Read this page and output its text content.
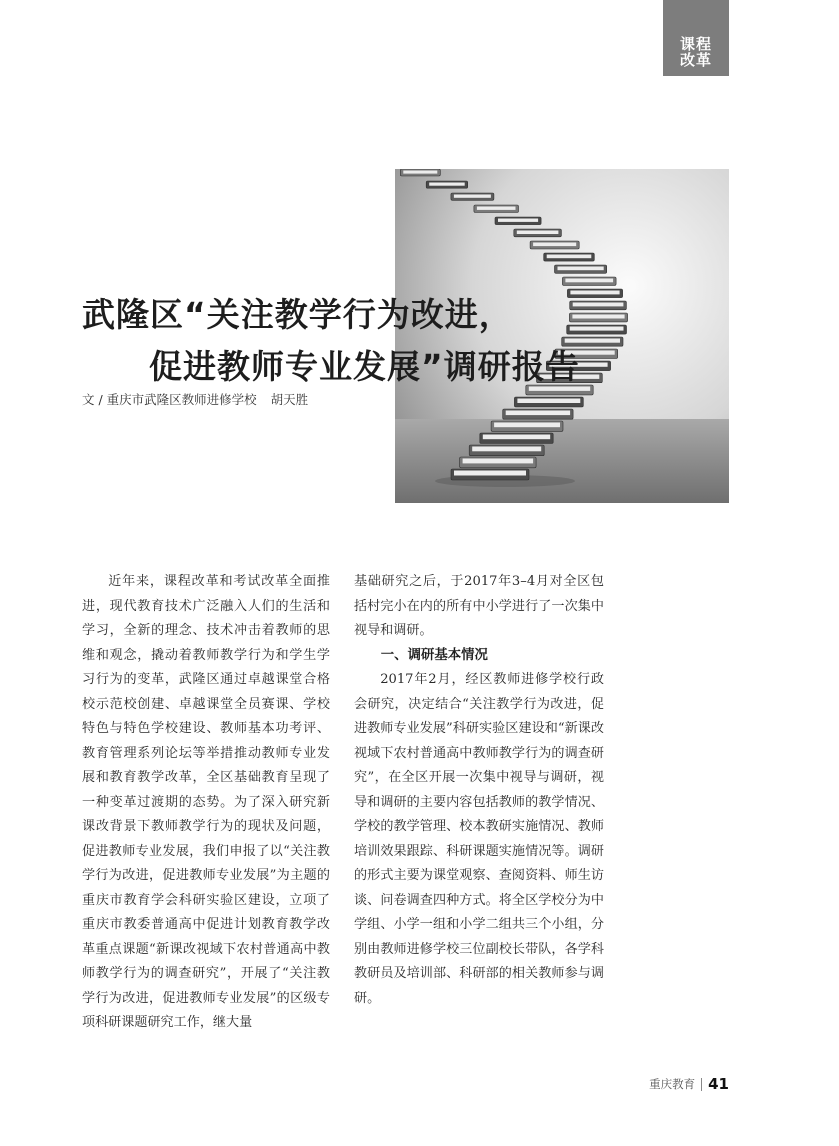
课程
改革
武隆区“关注教学行为改进，
促进教师专业发展”调研报告
文 / 重庆市武隆区教师进修学校 胡天胜

近年来，课程改革和考试改革全面推进，现代教育技术广泛融入人们的生活和学习，全新的理念、技术冲击着教师的思维和观念，撬动着教师教学行为和学生学习行为的变革，武隆区通过卓越课堂合格校示范校创建、卓越课堂全员赛课、学校特色与特色学校建设、教师基本功考评、教育管理系列论坛等举措推动教师专业发展和教育教学改革，全区基础教育呈现了一种变革过渡期的态势。为了深入研究新课改背景下教师教学行为的现状及问题，促进教师专业发展，我们申报了以“关注教学行为改进，促进教师专业发展”为主题的重庆市教育学会科研实验区建设，立项了重庆市教委普通高中促进计划教育教学改革重点课题“新课改视域下农村普通高中教师教学行为的调查研究”，开展了“关注教学行为改进，促进教师专业发展”的区级专项科研课题研究工作，继大量

基础研究之后，于2017年3–4月对全区包括村完小在内的所有中小学进行了一次集中视导和调研。

一、调研基本情况

2017年2月，经区教师进修学校行政会研究，决定结合“关注教学行为改进，促进教师专业发展”科研实验区建设和“新课改视域下农村普通高中教师教学行为的调查研究”，在全区开展一次集中视导与调研，视导和调研的主要内容包括教师的教学情况、学校的教学管理、校本教研实施情况、教师培训效果跟踪、科研课题实施情况等。调研的形式主要为课堂观察、查阅资料、师生访谈、问卷调查四种方式。将全区学校分为中学组、小学一组和小学二组共三个小组，分别由教师进修学校三位副校长带队，各学科教研员及培训部、科研部的相关教师参与调研。

重庆教育 41
